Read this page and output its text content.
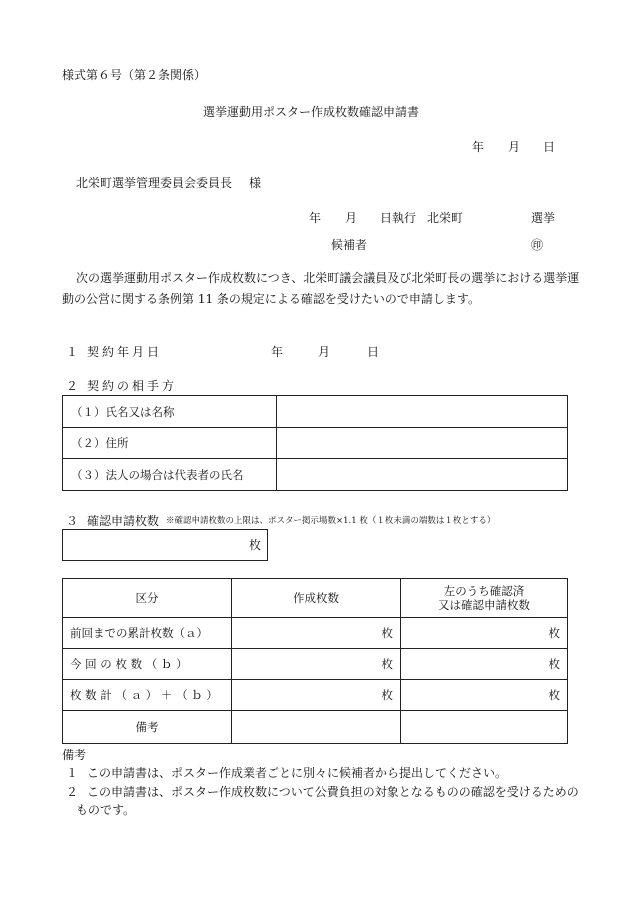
様式第６号（第２条関係）
選挙運動用ポスター作成枚数確認申請書
年 月 日
北栄町選挙管理委員会委員長 様
年 月 日執行 北栄町	選挙
候補者	㊞
次の選挙運動用ポスター作成枚数につき、北栄町議会議員及び北栄町長の選挙における選挙運
動の公営に関する条例第 11 条の規定による確認を受けたいので申請します。
１ 契約年月日	年	月	日
２ 契約の相手方
（１）氏名又は名称	
（２）住所	
（３）法人の場合は代表者の氏名	
３ 確認申請枚数 ※確認申請枚数の上限は、ポスター掲示場数×1.1 枚（１枚未満の端数は１枚とする）
枚
区分	作成枚数	左のうち確認済
又は確認申請枚数

前回までの累計枚数（ａ）	枚	枚
今 回 の 枚 数 （ ｂ ）	枚	枚
枚 数 計 （ ａ ） ＋ （ ｂ ）	枚	枚
備考		
備考
１ この申請書は、ポスター作成業者ごとに別々に候補者から提出してください。
２ この申請書は、ポスター作成枚数について公費負担の対象となるものの確認を受けるための
ものです。
